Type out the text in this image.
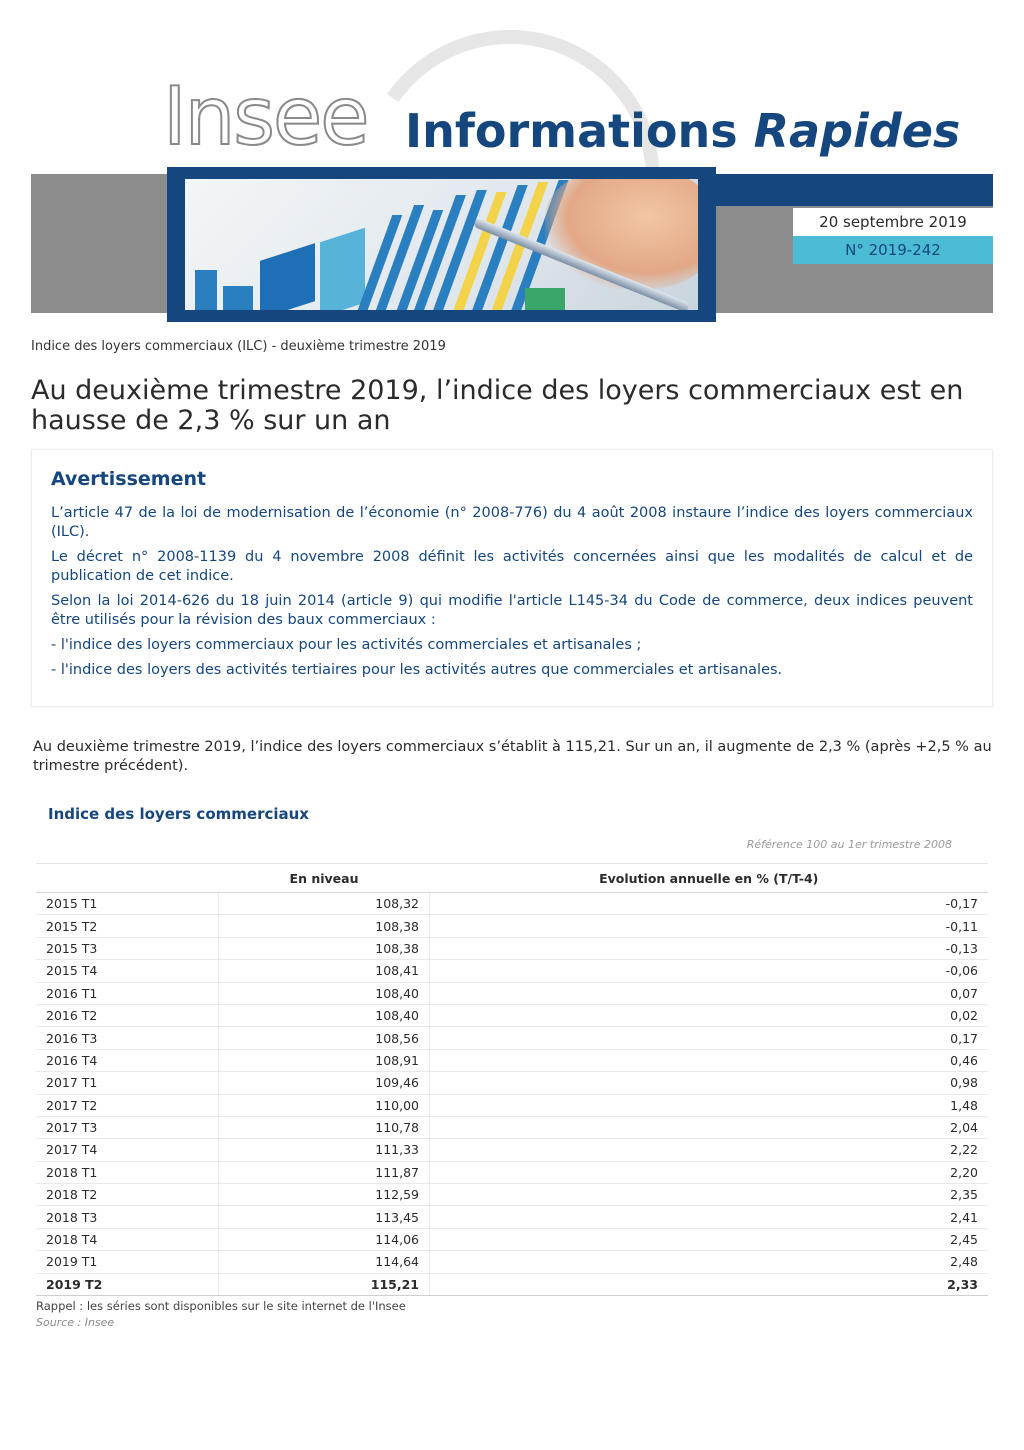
Insee Informations Rapides
20 septembre 2019
N° 2019-242
Indice des loyers commerciaux (ILC) - deuxième trimestre 2019
Au deuxième trimestre 2019, l’indice des loyers commerciaux est en hausse de 2,3 % sur un an
Avertissement

L’article 47 de la loi de modernisation de l’économie (n° 2008-776) du 4 août 2008 instaure l’indice des loyers commerciaux (ILC).

Le décret n° 2008-1139 du 4 novembre 2008 définit les activités concernées ainsi que les modalités de calcul et de publication de cet indice.

Selon la loi 2014-626 du 18 juin 2014 (article 9) qui modifie l'article L145-34 du Code de commerce, deux indices peuvent être utilisés pour la révision des baux commerciaux :

- l'indice des loyers commerciaux pour les activités commerciales et artisanales ;

- l'indice des loyers des activités tertiaires pour les activités autres que commerciales et artisanales.

Au deuxième trimestre 2019, l’indice des loyers commerciaux s’établit à 115,21. Sur un an, il augmente de 2,3 % (après +2,5 % au trimestre précédent).

Indice des loyers commerciaux
Référence 100 au 1er trimestre 2008
	En niveau	Evolution annuelle en % (T/T-4)
2015 T1	108,32	-0,17
2015 T2	108,38	-0,11
2015 T3	108,38	-0,13
2015 T4	108,41	-0,06
2016 T1	108,40	0,07
2016 T2	108,40	0,02
2016 T3	108,56	0,17
2016 T4	108,91	0,46
2017 T1	109,46	0,98
2017 T2	110,00	1,48
2017 T3	110,78	2,04
2017 T4	111,33	2,22
2018 T1	111,87	2,20
2018 T2	112,59	2,35
2018 T3	113,45	2,41
2018 T4	114,06	2,45
2019 T1	114,64	2,48
2019 T2	115,21	2,33
Rappel : les séries sont disponibles sur le site internet de l'Insee
Source : Insee
